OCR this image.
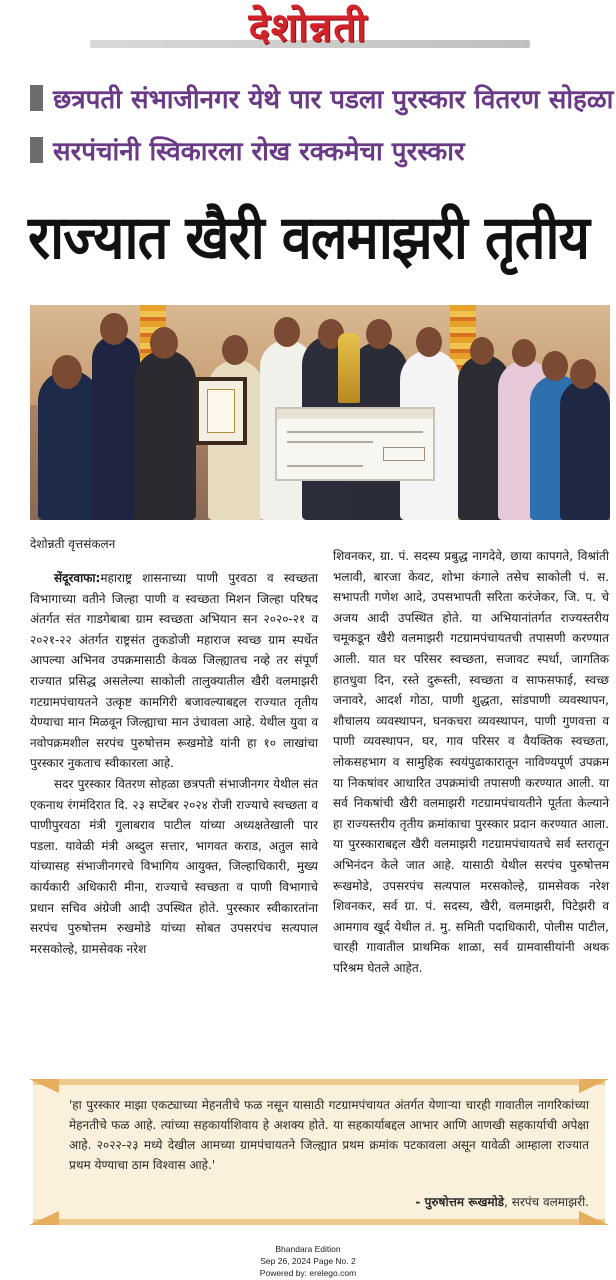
देशोन्नती
छत्रपती संभाजीनगर येथे पार पडला पुरस्कार वितरण सोहळा
सरपंचांनी स्विकारला रोख रक्कमेचा पुरस्कार
राज्यात खैरी वलमाझरी तृतीय
देशोन्नती वृत्तसंकलन

सेंदूरवाफा:महाराष्ट्र शासनाच्या पाणी पुरवठा व स्वच्छता विभागाच्या वतीने जिल्हा पाणी व स्वच्छता मिशन जिल्हा परिषद अंतर्गत संत गाडगेबाबा ग्राम स्वच्छता अभियान सन २०२०-२१ व २०२१-२२ अंतर्गत राष्ट्रसंत तुकडोजी महाराज स्वच्छ ग्राम स्पर्धेत आपल्या अभिनव उपक्रमासाठी केवळ जिल्ह्यातच नव्हे तर संपूर्ण राज्यात प्रसिद्ध असलेल्या साकोली तालुक्यातील खैरी वलमाझरी गटग्रामपंचायतने उत्कृष्ट कामगिरी बजावल्याबद्दल राज्यात तृतीय येण्याचा मान मिळवून जिल्ह्याचा मान उंचावला आहे. येथील युवा व नवोपक्रमशील सरपंच पुरुषोत्तम रूखमोडे यांनी हा १० लाखांचा पुरस्कार नुकताच स्वीकारला आहे.

सदर पुरस्कार वितरण सोहळा छत्रपती संभाजीनगर येथील संत एकनाथ रंगमंदिरात दि. २३ सप्टेंबर २०२४ रोजी राज्याचे स्वच्छता व पाणीपुरवठा मंत्री गुलाबराव पाटील यांच्या अध्यक्षतेखाली पार पडला. यावेळी मंत्री अब्दुल सत्तार, भागवत कराड, अतुल सावे यांच्यासह संभाजीनगरचे विभागिय आयुक्त, जिल्हाधिकारी, मुख्य कार्यकारी अधिकारी मीना, राज्याचे स्वच्छता व पाणी विभागाचे प्रधान सचिव अंग्रेजी आदी उपस्थित होते. पुरस्कार स्वीकारतांना सरपंच पुरुषोत्तम रुखमोडे यांच्या सोबत उपसरपंच सत्यपाल मरसकोल्हे, ग्रामसेवक नरेश

शिवनकर, ग्रा. पं. सदस्य प्रबुद्ध नागदेवे, छाया कापगते, विश्रांती भलावी, बारजा केवट, शोभा कंगाले तसेच साकोली पं. स. सभापती गणेश आदे, उपसभापती सरिता करंजेकर, जि. प. चे अजय आदी उपस्थित होते. या अभियानांतर्गत राज्यस्तरीय चमूकडून खैरी वलमाझरी गटग्रामपंचायतची तपासणी करण्यात आली. यात घर परिसर स्वच्छता, सजावट स्पर्धा, जागतिक हातधुवा दिन, रस्ते दुरूस्ती, स्वच्छता व साफसफाई, स्वच्छ जनावरे, आदर्श गोठा, पाणी शुद्धता, सांडपाणी व्यवस्थापन, शौचालय व्यवस्थापन, घनकचरा व्यवस्थापन, पाणी गुणवत्ता व पाणी व्यवस्थापन, घर, गाव परिसर व वैयक्तिक स्वच्छता, लोकसहभाग व सामुहिक स्वयंपुढाकारातून नाविण्यपूर्ण उपक्रम या निकषांवर आधारित उपक्रमांची तपासणी करण्यात आली. या सर्व निकषांची खैरी वलमाझरी गटग्रामपंचायतीने पूर्तता केल्याने हा राज्यस्तरीय तृतीय क्रमांकाचा पुरस्कार प्रदान करण्यात आला. या पुरस्काराबद्दल खैरी वलमाझरी गटग्रामपंचायतचे सर्व स्तरातून अभिनंदन केले जात आहे. यासाठी येथील सरपंच पुरुषोत्तम रूखमोडे, उपसरपंच सत्यपाल मरसकोल्हे, ग्रामसेवक नरेश शिवनकर, सर्व ग्रा. पं. सदस्य, खैरी, वलमाझरी, पिटेझरी व आमगाव खूर्द येथील तं. मु. समिती पदाधिकारी, पोलीस पाटील, चारही गावातील प्राथमिक शाळा, सर्व ग्रामवासीयांनी अथक परिश्रम घेतले आहेत.

'हा पुरस्कार माझा एकट्याच्या मेहनतीचे फळ नसून यासाठी गटग्रामपंचायत अंतर्गत येणाऱ्या चारही गावातील नागरिकांच्या मेहनतीचे फळ आहे. त्यांच्या सहकार्याशिवाय हे अशक्य होते. या सहकार्याबद्दल आभार आणि आणखी सहकार्याची अपेक्षा आहे. २०२२-२३ मध्ये देखील आमच्या ग्रामपंचायतने जिल्ह्यात प्रथम क्रमांक पटकावला असून यावेळी आम्हाला राज्यात प्रथम येण्याचा ठाम विश्वास आहे.'
- पुरुषोत्तम रूखमोडे, सरपंच वलमाझरी.
Bhandara Edition
Sep 26, 2024 Page No. 2
Powered by: erelego.com
